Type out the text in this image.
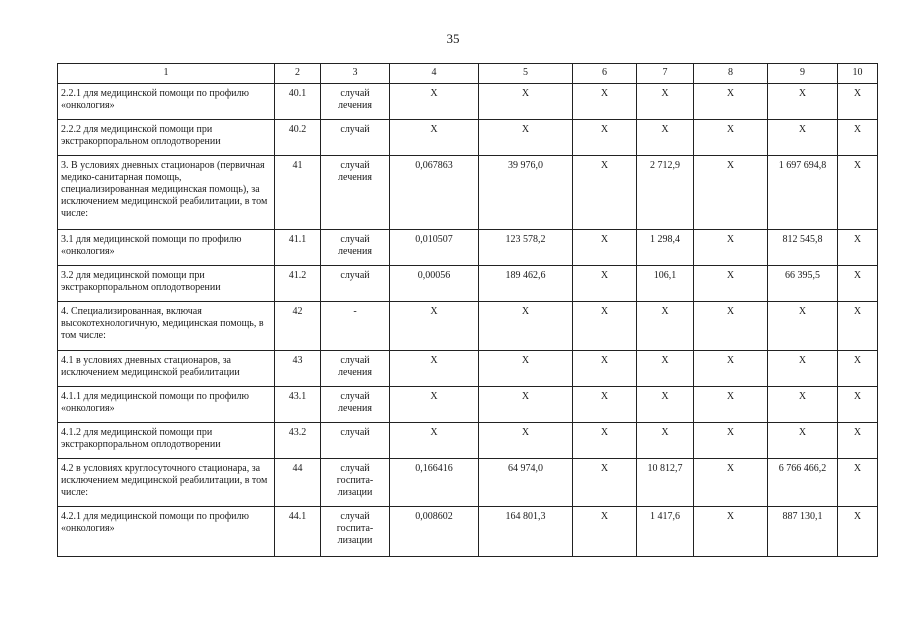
35
1	2	3	4	5	6	7	8	9	10
2.2.1 для медицинской помощи по профилю «онкология»	40.1	случай лечения	Х	Х	Х	Х	Х	Х	Х
2.2.2 для медицинской помощи при экстракорпоральном оплодотворении	40.2	случай	Х	Х	Х	Х	Х	Х	Х
3. В условиях дневных стационаров (первичная медико-санитарная помощь, специализированная медицинская помощь), за исключением медицинской реабилитации, в том числе:	41	случай лечения	0,067863	39 976,0	Х	2 712,9	Х	1 697 694,8	Х
3.1 для медицинской помощи по профилю «онкология»	41.1	случай лечения	0,010507	123 578,2	Х	1 298,4	Х	812 545,8	Х
3.2 для медицинской помощи при экстракорпоральном оплодотворении	41.2	случай	0,00056	189 462,6	Х	106,1	Х	66 395,5	Х
4. Специализированная, включая высокотехнологичную, медицинская помощь, в том числе:	42	-	Х	Х	Х	Х	Х	Х	Х
4.1 в условиях дневных стационаров, за исключением медицинской реабилитации	43	случай лечения	Х	Х	Х	Х	Х	Х	Х
4.1.1 для медицинской помощи по профилю «онкология»	43.1	случай лечения	Х	Х	Х	Х	Х	Х	Х
4.1.2 для медицинской помощи при экстракорпоральном оплодотворении	43.2	случай	Х	Х	Х	Х	Х	Х	Х
4.2 в условиях круглосуточного стационара, за исключением медицинской реабилитации, в том числе:	44	случай госпита-лизации	0,166416	64 974,0	Х	10 812,7	Х	6 766 466,2	Х
4.2.1 для медицинской помощи по профилю «онкология»	44.1	случай госпита-лизации	0,008602	164 801,3	Х	1 417,6	Х	887 130,1	Х
